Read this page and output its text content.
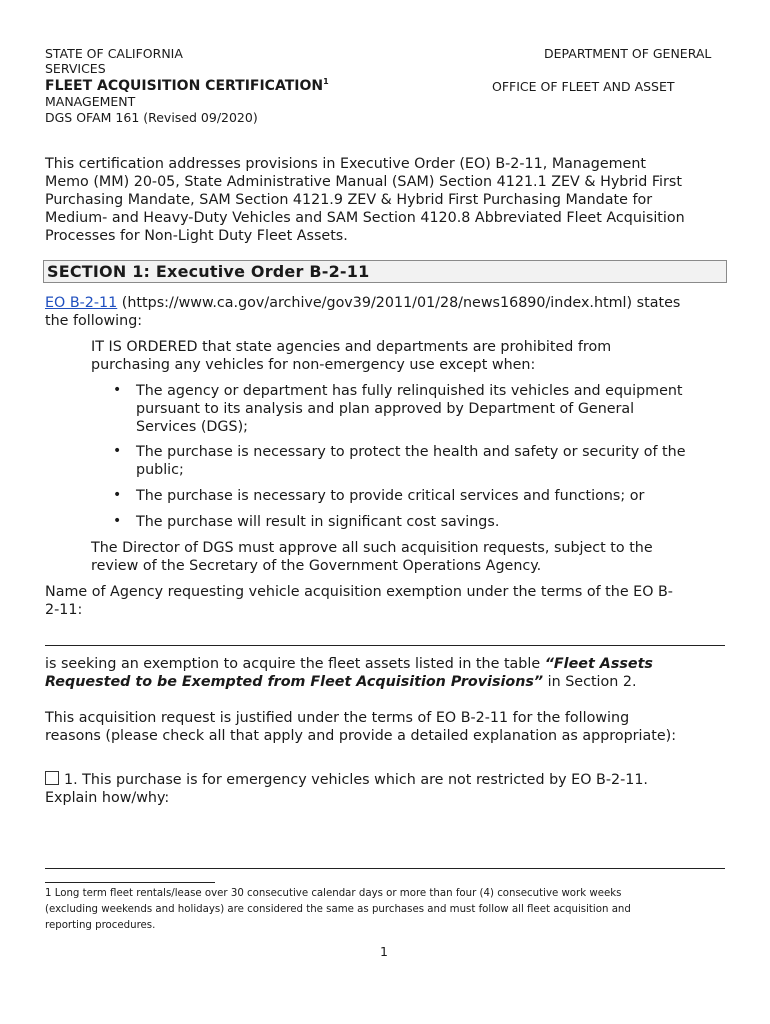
STATE OF CALIFORNIA	DEPARTMENT OF GENERAL
SERVICES
FLEET ACQUISITION CERTIFICATION$^1$	OFFICE OF FLEET AND ASSET
MANAGEMENT
DGS OFAM 161 (Revised 09/2020)
This certification addresses provisions in Executive Order (EO) B-2-11, Management
Memo (MM) 20-05, State Administrative Manual (SAM) Section 4121.1 ZEV & Hybrid First
Purchasing Mandate, SAM Section 4121.9 ZEV & Hybrid First Purchasing Mandate for
Medium- and Heavy-Duty Vehicles and SAM Section 4120.8 Abbreviated Fleet Acquisition
Processes for Non-Light Duty Fleet Assets.
SECTION 1: Executive Order B-2-11
EO B-2-11 (https://www.ca.gov/archive/gov39/2011/01/28/news16890/index.html) states
the following:
IT IS ORDERED that state agencies and departments are prohibited from
purchasing any vehicles for non-emergency use except when:
• The agency or department has fully relinquished its vehicles and equipment
pursuant to its analysis and plan approved by Department of General
Services (DGS);
• The purchase is necessary to protect the health and safety or security of the
public;
• The purchase is necessary to provide critical services and functions; or
• The purchase will result in significant cost savings.
The Director of DGS must approve all such acquisition requests, subject to the
review of the Secretary of the Government Operations Agency.
Name of Agency requesting vehicle acquisition exemption under the terms of the EO B-
2-11:
is seeking an exemption to acquire the fleet assets listed in the table “Fleet Assets
Requested to be Exempted from Fleet Acquisition Provisions” in Section 2.
This acquisition request is justified under the terms of EO B-2-11 for the following
reasons (please check all that apply and provide a detailed explanation as appropriate):
1. This purchase is for emergency vehicles which are not restricted by EO B-2-11.
Explain how/why:
1 Long term fleet rentals/lease over 30 consecutive calendar days or more than four (4) consecutive work weeks
(excluding weekends and holidays) are considered the same as purchases and must follow all fleet acquisition and
reporting procedures.
1
